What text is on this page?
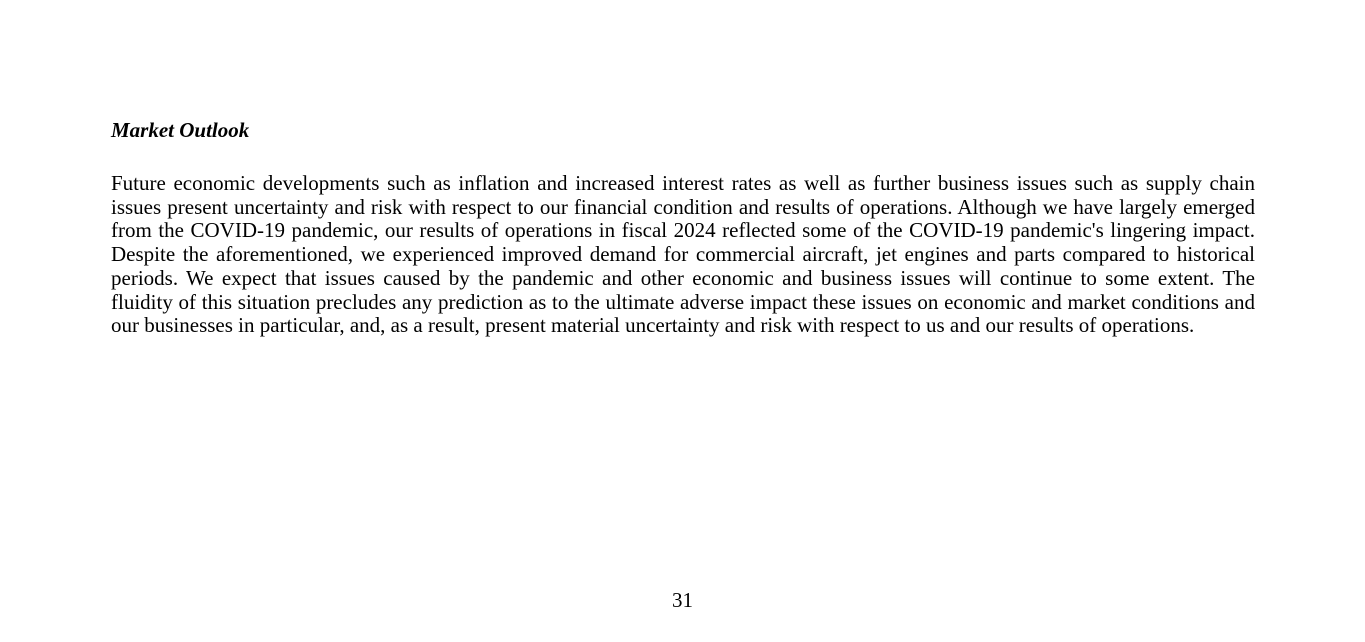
Market Outlook

Future economic developments such as inflation and increased interest rates as well as further business issues such as supply chain issues present uncertainty and risk with respect to our financial condition and results of operations. Although we have largely emerged from the COVID-19 pandemic, our results of operations in fiscal 2024 reflected some of the COVID-19 pandemic's lingering impact. Despite the aforementioned, we experienced improved demand for commercial aircraft, jet engines and parts compared to historical periods. We expect that issues caused by the pandemic and other economic and business issues will continue to some extent. The fluidity of this situation precludes any prediction as to the ultimate adverse impact these issues on economic and market conditions and our businesses in particular, and, as a result, present material uncertainty and risk with respect to us and our results of operations.

31
